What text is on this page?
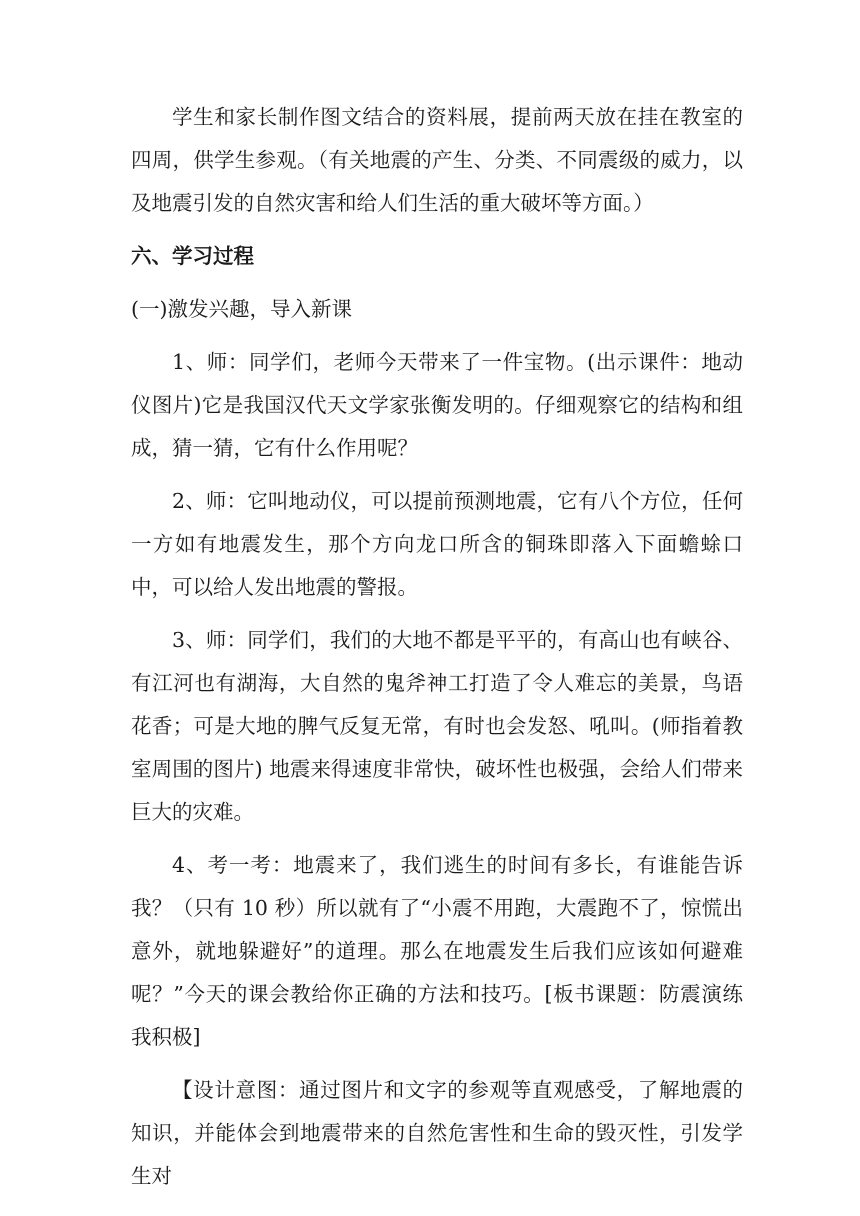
学生和家长制作图文结合的资料展，提前两天放在挂在教室的四周，供学生参观。（有关地震的产生、分类、不同震级的威力，以及地震引发的自然灾害和给人们生活的重大破坏等方面。）

六、学习过程

(一)激发兴趣，导入新课

1、师：同学们，老师今天带来了一件宝物。(出示课件：地动仪图片)它是我国汉代天文学家张衡发明的。仔细观察它的结构和组成，猜一猜，它有什么作用呢？

2、师：它叫地动仪，可以提前预测地震，它有八个方位，任何一方如有地震发生，那个方向龙口所含的铜珠即落入下面蟾蜍口中，可以给人发出地震的警报。

3、师：同学们，我们的大地不都是平平的，有高山也有峡谷、有江河也有湖海，大自然的鬼斧神工打造了令人难忘的美景，鸟语花香；可是大地的脾气反复无常，有时也会发怒、吼叫。(师指着教室周围的图片) 地震来得速度非常快，破坏性也极强，会给人们带来巨大的灾难。

4、考一考：地震来了，我们逃生的时间有多长，有谁能告诉我？（只有 10 秒）所以就有了“小震不用跑，大震跑不了，惊慌出意外，就地躲避好”的道理。那么在地震发生后我们应该如何避难呢？”今天的课会教给你正确的方法和技巧。[板书课题：防震演练我积极]

【设计意图：通过图片和文字的参观等直观感受，了解地震的知识，并能体会到地震带来的自然危害性和生命的毁灭性，引发学生对
